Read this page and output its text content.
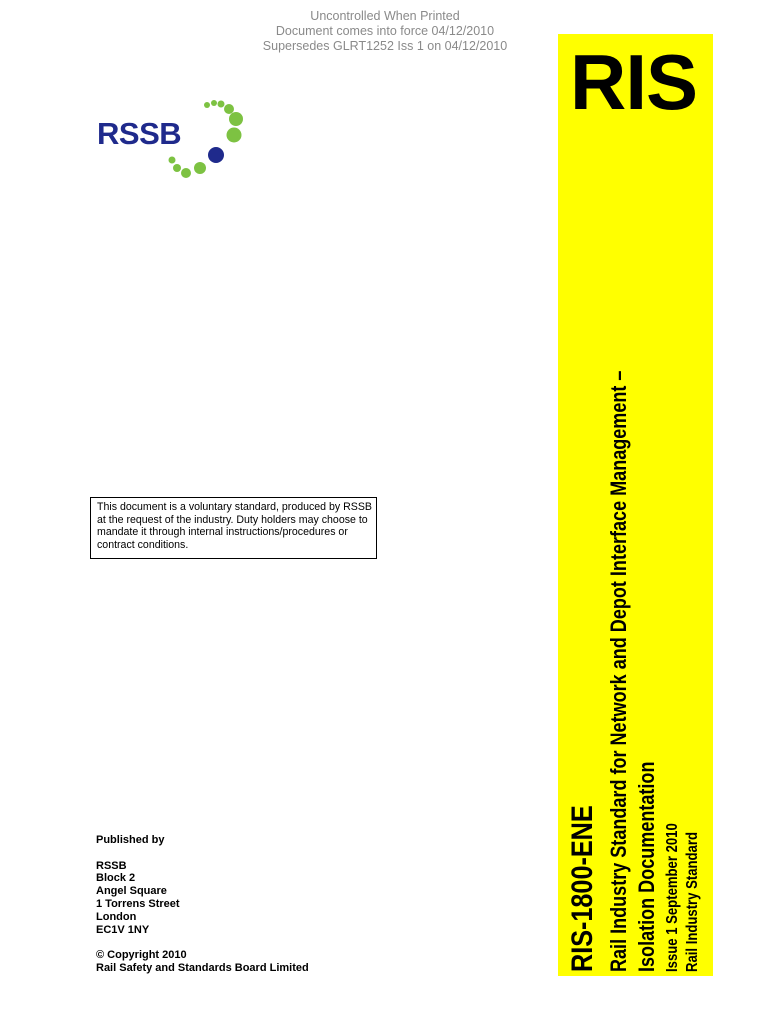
Uncontrolled When Printed
Document comes into force 04/12/2010
Supersedes GLRT1252 Iss 1 on 04/12/2010
RSSB
This document is a voluntary standard, produced by RSSB at the request of the industry. Duty holders may choose to mandate it through internal instructions/procedures or contract conditions.
Published by
RSSB
Block 2
Angel Square
1 Torrens Street
London
EC1V 1NY
© Copyright 2010
Rail Safety and Standards Board Limited
RIS
RIS-1800-ENE Rail Industry Standard for Network and Depot Interface Management – Isolation Documentation Issue 1 September 2010 Rail Industry Standard
